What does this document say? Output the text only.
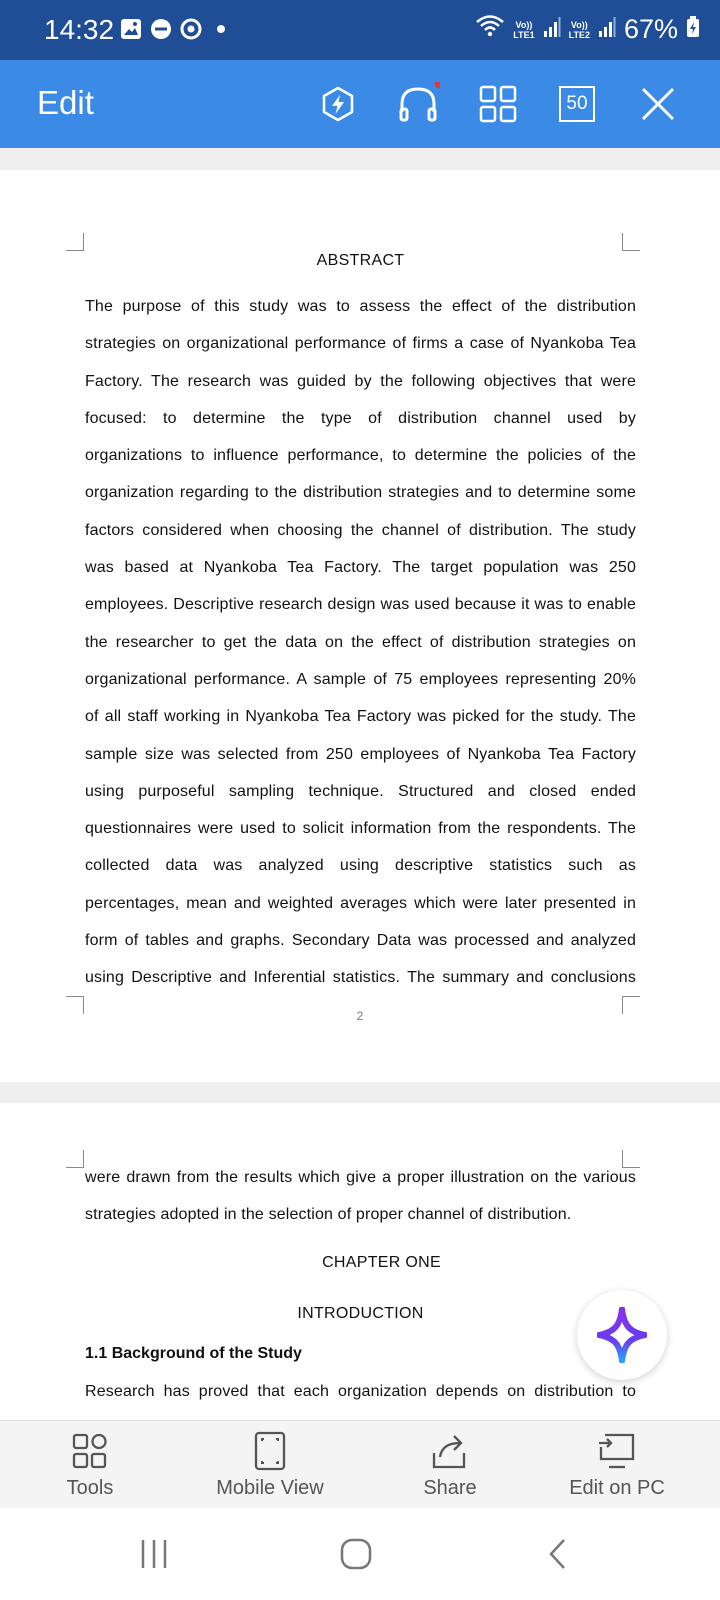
14:32	Vo))
LTE1
Vo))
LTE2 67%
Edit	50
ABSTRACT
The purpose of this study was to assess the effect of the distribution
strategies on organizational performance of firms a case of Nyankoba Tea
Factory. The research was guided by the following objectives that were
focused: to determine the type of distribution channel used by
organizations to influence performance, to determine the policies of the
organization regarding to the distribution strategies and to determine some
factors considered when choosing the channel of distribution. The study
was based at Nyankoba Tea Factory. The target population was 250
employees. Descriptive research design was used because it was to enable
the researcher to get the data on the effect of distribution strategies on
organizational performance. A sample of 75 employees representing 20%
of all staff working in Nyankoba Tea Factory was picked for the study. The
sample size was selected from 250 employees of Nyankoba Tea Factory
using purposeful sampling technique. Structured and closed ended
questionnaires were used to solicit information from the respondents. The
collected data was analyzed using descriptive statistics such as
percentages, mean and weighted averages which were later presented in
form of tables and graphs. Secondary Data was processed and analyzed
using Descriptive and Inferential statistics. The summary and conclusions
2
were drawn from the results which give a proper illustration on the various
strategies adopted in the selection of proper channel of distribution.
CHAPTER ONE
INTRODUCTION
1.1 Background of the Study
Research has proved that each organization depends on distribution to
Tools	Mobile View	Share	Edit on PC
